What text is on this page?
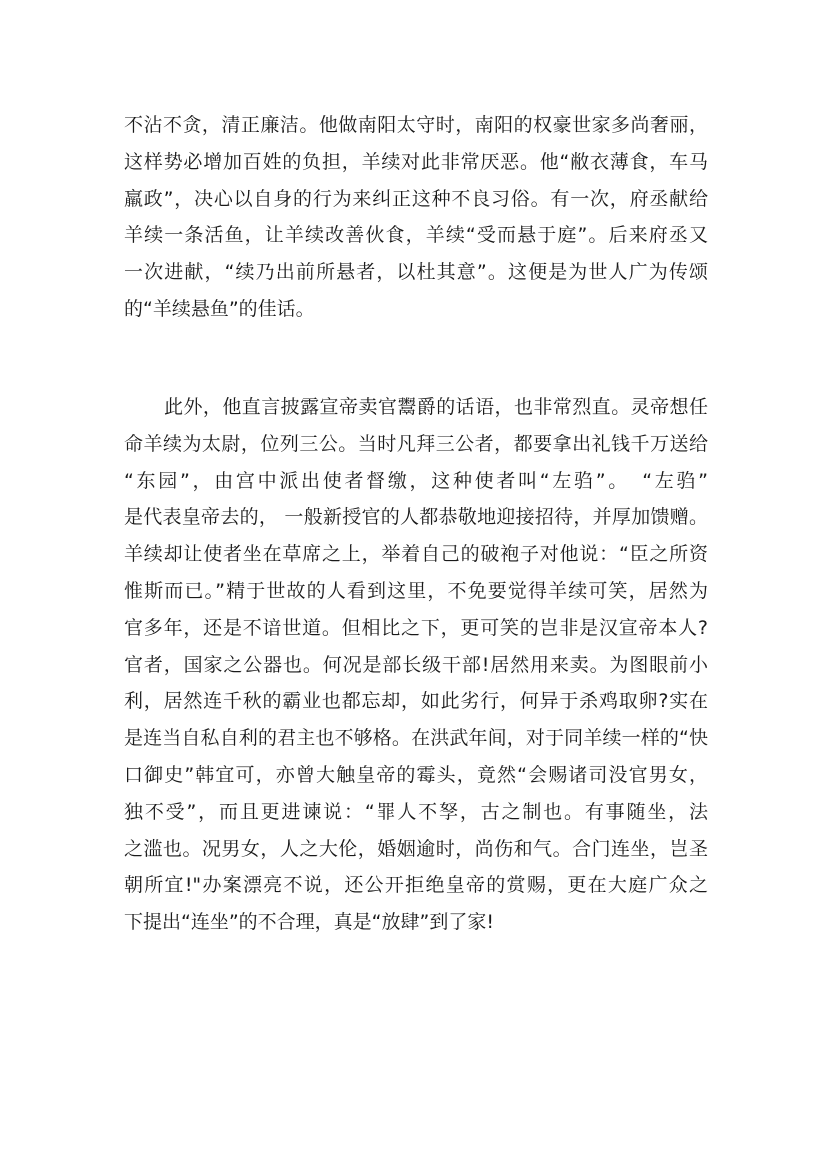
不沾不贪，清正廉洁。他做南阳太守时，南阳的权豪世家多尚奢丽，
这样势必增加百姓的负担，羊续对此非常厌恶。他“敝衣薄食，车马
羸政”，决心以自身的行为来纠正这种不良习俗。有一次，府丞献给
羊续一条活鱼，让羊续改善伙食，羊续“受而悬于庭”。后来府丞又
一次进献，“续乃出前所悬者，以杜其意”。这便是为世人广为传颂
的“羊续悬鱼”的佳话。
此外，他直言披露宣帝卖官鬻爵的话语，也非常烈直。灵帝想任
命羊续为太尉，位列三公。当时凡拜三公者，都要拿出礼钱千万送给
“东园”，由宫中派出使者督缴，这种使者叫“左驺”。　“左驺”
是代表皇帝去的， 一般新授官的人都恭敬地迎接招待，并厚加馈赠。
羊续却让使者坐在草席之上，举着自己的破袍子对他说：“臣之所资
惟斯而已。”精于世故的人看到这里，不免要觉得羊续可笑，居然为
官多年，还是不谙世道。但相比之下，更可笑的岂非是汉宣帝本人?
官者，国家之公器也。何况是部长级干部!居然用来卖。为图眼前小
利，居然连千秋的霸业也都忘却，如此劣行，何异于杀鸡取卵?实在
是连当自私自利的君主也不够格。在洪武年间，对于同羊续一样的“快
口御史”韩宜可，亦曾大触皇帝的霉头，竟然“会赐诸司没官男女，
独不受”，而且更进谏说：“罪人不孥，古之制也。有事随坐，法
之滥也。况男女，人之大伦，婚姻逾时，尚伤和气。合门连坐，岂圣
朝所宜!"办案漂亮不说，还公开拒绝皇帝的赏赐，更在大庭广众之
下提出“连坐”的不合理，真是“放肆”到了家!
